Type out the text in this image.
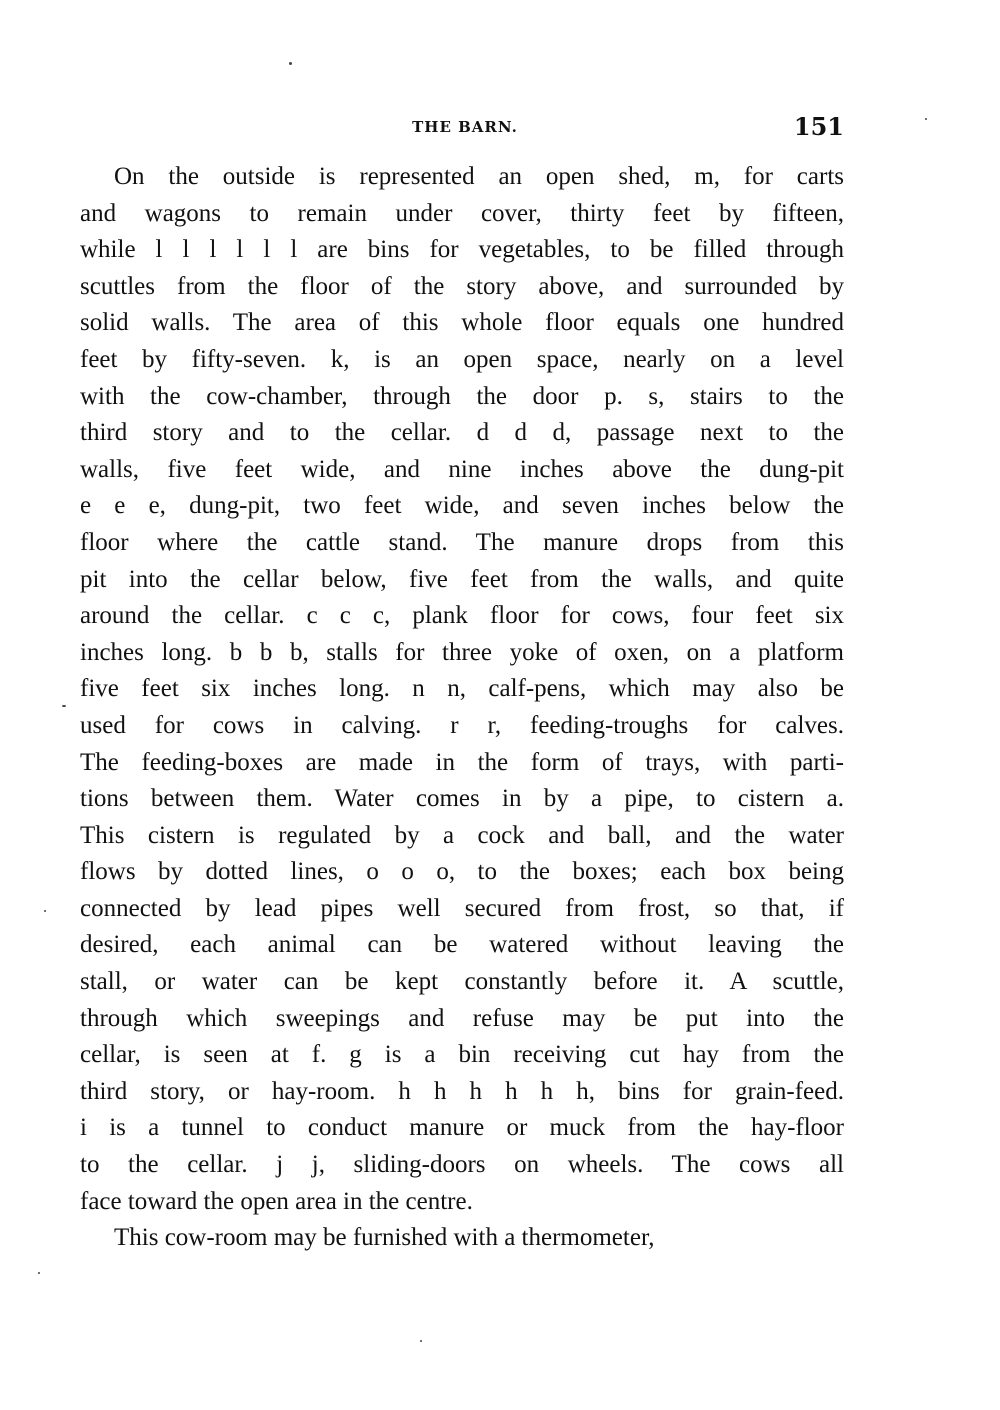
THE BARN.	151
On the outside is represented an open shed, m, for carts
and wagons to remain under cover, thirty feet by fifteen,
while l l l l l l are bins for vegetables, to be filled through
scuttles from the floor of the story above, and surrounded by
solid walls. The area of this whole floor equals one hundred
feet by fifty-seven. k, is an open space, nearly on a level
with the cow-chamber, through the door p. s, stairs to the
third story and to the cellar. d d d, passage next to the
walls, five feet wide, and nine inches above the dung-pit
e e e, dung-pit, two feet wide, and seven inches below the
floor where the cattle stand. The manure drops from this
pit into the cellar below, five feet from the walls, and quite
around the cellar. c c c, plank floor for cows, four feet six
inches long. b b b, stalls for three yoke of oxen, on a platform
five feet six inches long. n n, calf-pens, which may also be
used for cows in calving. r r, feeding-troughs for calves.
The feeding-boxes are made in the form of trays, with parti-
tions between them. Water comes in by a pipe, to cistern a.
This cistern is regulated by a cock and ball, and the water
flows by dotted lines, o o o, to the boxes; each box being
connected by lead pipes well secured from frost, so that, if
desired, each animal can be watered without leaving the
stall, or water can be kept constantly before it. A scuttle,
through which sweepings and refuse may be put into the
cellar, is seen at f. g is a bin receiving cut hay from the
third story, or hay-room. h h h h h h, bins for grain-feed.
i is a tunnel to conduct manure or muck from the hay-floor
to the cellar. j j, sliding-doors on wheels. The cows all
face toward the open area in the centre.
This cow-room may be furnished with a thermometer,
